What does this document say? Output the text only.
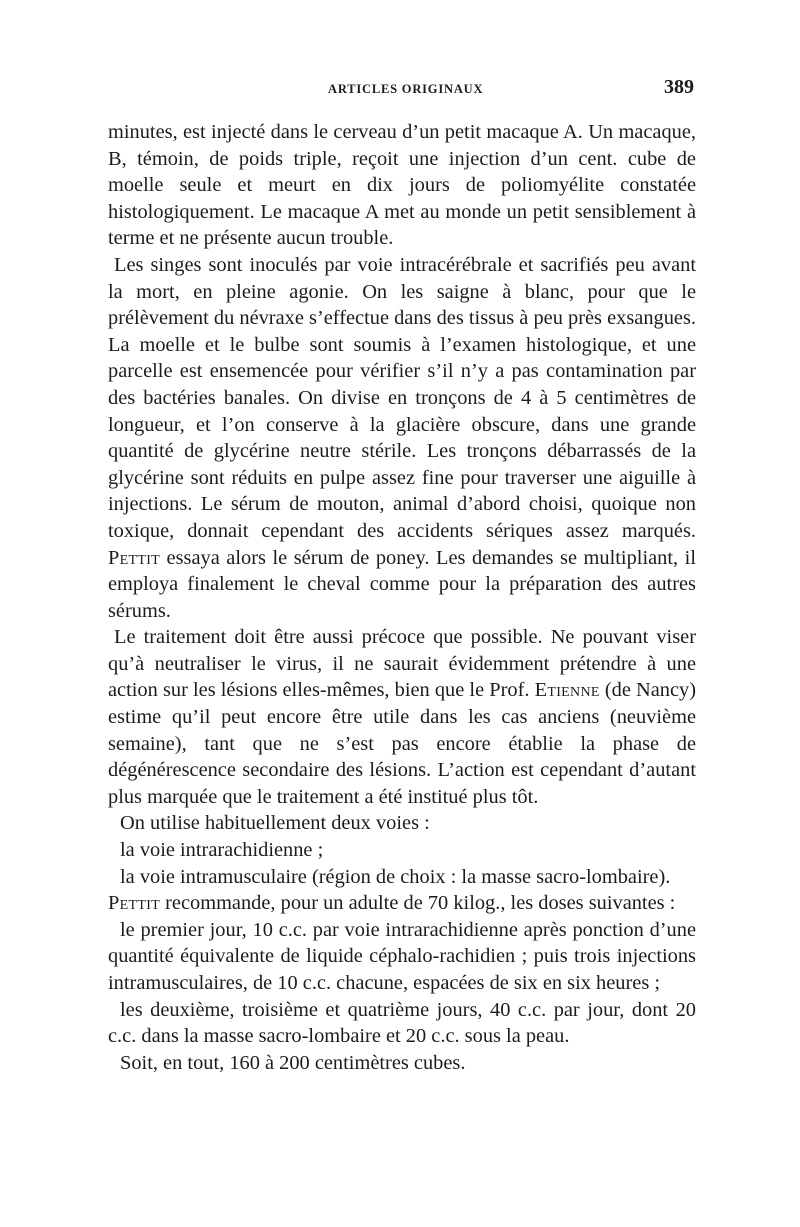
ARTICLES ORIGINAUX	389

minutes, est injecté dans le cerveau d’un petit macaque A. Un macaque, B, témoin, de poids triple, reçoit une injection d’un cent. cube de moelle seule et meurt en dix jours de poliomyélite constatée histologiquement. Le macaque A met au monde un petit sensiblement à terme et ne présente aucun trouble.

Les singes sont inoculés par voie intracérébrale et sacrifiés peu avant la mort, en pleine agonie. On les saigne à blanc, pour que le prélèvement du névraxe s’effectue dans des tissus à peu près exsangues. La moelle et le bulbe sont soumis à l’examen histologique, et une parcelle est ensemencée pour vérifier s’il n’y a pas contamination par des bactéries banales. On divise en tronçons de 4 à 5 centimètres de longueur, et l’on conserve à la glacière obscure, dans une grande quantité de glycérine neutre stérile. Les tronçons débarrassés de la glycérine sont réduits en pulpe assez fine pour traverser une aiguille à injections. Le sérum de mouton, animal d’abord choisi, quoique non toxique, donnait cependant des accidents sériques assez marqués. Pettit essaya alors le sérum de poney. Les demandes se multipliant, il employa finalement le cheval comme pour la préparation des autres sérums.

Le traitement doit être aussi précoce que possible. Ne pouvant viser qu’à neutraliser le virus, il ne saurait évidemment prétendre à une action sur les lésions elles-mêmes, bien que le Prof. Etienne (de Nancy) estime qu’il peut encore être utile dans les cas anciens (neuvième semaine), tant que ne s’est pas encore établie la phase de dégénérescence secondaire des lésions. L’action est cependant d’autant plus marquée que le traitement a été institué plus tôt.

On utilise habituellement deux voies :

la voie intrarachidienne ;

la voie intramusculaire (région de choix : la masse sacro-lombaire).

Pettit recommande, pour un adulte de 70 kilog., les doses suivantes :

le premier jour, 10 c.c. par voie intrarachidienne après ponction d’une quantité équivalente de liquide céphalo-rachidien ; puis trois injections intramusculaires, de 10 c.c. chacune, espacées de six en six heures ;

les deuxième, troisième et quatrième jours, 40 c.c. par jour, dont 20 c.c. dans la masse sacro-lombaire et 20 c.c. sous la peau.

Soit, en tout, 160 à 200 centimètres cubes.
